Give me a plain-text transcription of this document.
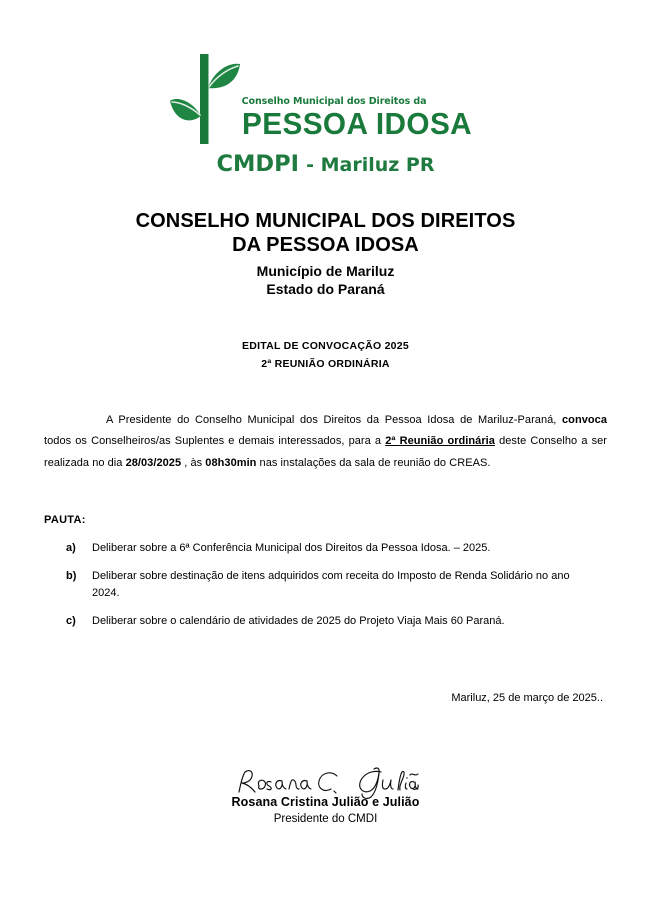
Conselho Municipal dos Direitos da
PESSOA IDOSA
CMDPI - Mariluz PR
CONSELHO MUNICIPAL DOS DIREITOS
DA PESSOA IDOSA
Município de Mariluz
Estado do Paraná
EDITAL DE CONVOCAÇÃO 2025
2ª REUNIÃO ORDINÁRIA

A Presidente do Conselho Municipal dos Direitos da Pessoa Idosa de Mariluz-Paraná, convoca todos os Conselheiros/as Suplentes e demais interessados, para a 2ª Reunião ordinária deste Conselho a ser realizada no dia 28/03/2025 , às 08h30min nas instalações da sala de reunião do CREAS.

PAUTA:
a)	Deliberar sobre a 6ª Conferência Municipal dos Direitos da Pessoa Idosa. – 2025.
b)	Deliberar sobre destinação de itens adquiridos com receita do Imposto de Renda Solidário no ano 2024.
c)	Deliberar sobre o calendário de atividades de 2025 do Projeto Viaja Mais 60 Paraná.
Mariluz, 25 de março de 2025..
Rosana Cristina Julião e Julião
Presidente do CMDI
